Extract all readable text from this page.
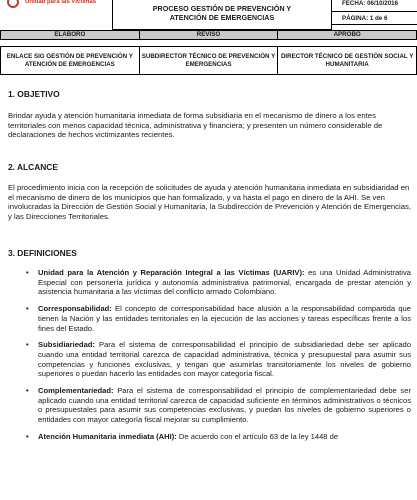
Unidad para las Víctimas
PROCESO GESTIÓN DE PREVENCIÓN Y
ATENCIÓN DE EMERGENCIAS
FECHA: 06/10/2016
PÁGINA: 1 de 6
ELABORÓ	REVISÓ	APROBÓ

ENLACE SIG GESTIÓN DE PREVENCIÓN Y ATENCIÓN DE EMERGENCIAS	SUBDIRECTOR TÉCNICO DE PREVENCIÓN Y EMERGENCIAS	DIRECTOR TÉCNICO DE GESTIÓN SOCIAL Y HUMANITARIA
1. OBJETIVO
Brindar ayuda y atención humanitaria inmediata de forma subsidiaria en el mecanismo de dinero a los entes territoriales con menos capacidad técnica, administrativa y financiera; y presenten un número considerable de declaraciones de hechos victimizantes recientes.
2. ALCANCE
El procedimiento inicia con la recepción de solicitudes de ayuda y atención humanitaria inmediata en subsidiaridad en el mecanismo de dinero de los municipios que han formalizado, y va hasta el pago en dinero de la AHI. Se ven involucradas la Dirección de Gestión Social y Humanitaria, la Subdirección de Prevención y Atención de Emergencias, y las Direcciones Territoriales.
3. DEFINICIONES
• Unidad para la Atención y Reparación Integral a las Víctimas (UARIV): es una Unidad Administrativa Especial con personería jurídica y autonomía administrativa patrimonial, encargada de prestar atención y asistencia humanitaria a las víctimas del conflicto armado Colombiano.
• Corresponsabilidad: El concepto de corresponsabilidad hace alusión a la responsabilidad compartida que tienen la Nación y las entidades territoriales en la ejecución de las acciones y tareas específicas frente a los fines del Estado.
• Subsidiariedad: Para el sistema de corresponsabilidad el principio de subsidiariedad debe ser aplicado cuando una entidad territorial carezca de capacidad administrativa, técnica y presupuestal para asumir sus competencias y funciones exclusivas, y tengan que asumirlas transitoriamente los niveles de gobierno superiores o puedan hacerlo las entidades con mayor categoría fiscal.
• Complementariedad: Para el sistema de corresponsabilidad el principio de complementariedad debe ser aplicado cuando una entidad territorial carezca de capacidad suficiente en términos administrativos o técnicos o presupuestales para asumir sus competencias exclusivas, y puedan los niveles de gobierno superiores o entidades con mayor categoría fiscal mejorar su cumplimiento.
• Atención Humanitaria inmediata (AHI): De acuerdo con el artículo 63 de la ley 1448 de
